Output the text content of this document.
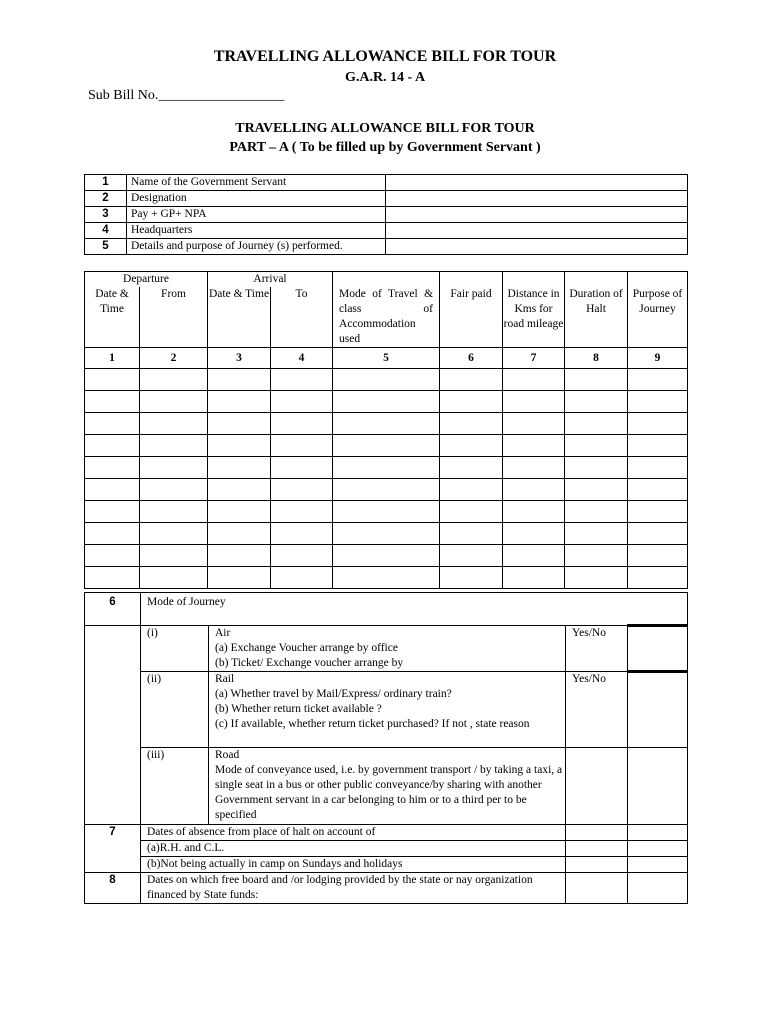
TRAVELLING ALLOWANCE BILL FOR TOUR
G.A.R. 14 - A
Sub Bill No.__________________
TRAVELLING ALLOWANCE BILL FOR TOUR
PART – A ( To be filled up by Government Servant )
1	Name of the Government Servant	
2	Designation	
3	Pay + GP+ NPA	
4	Headquarters	
5	Details and purpose of Journey (s) performed.	
Departure		Arrival						
Date & Time	From	Date & Time	To	Mode of Travel & class of Accommodation used	Fair paid	Distance in Kms for road mileage	Duration of Halt	Purpose of Journey
1	2	3	4	5	6	7	8	9

6	Mode of Journey			
	(i)	Air
(a) Exchange Voucher arrange by office
(b) Ticket/ Exchange voucher arrange by	Yes/No	
	(ii)	Rail
(a) Whether travel by Mail/Express/ ordinary train?
(b) Whether return ticket available ?
(c) If available, whether return ticket purchased? If not , state reason	Yes/No	
	(iii)	Road
Mode of conveyance used, i.e. by government transport / by taking a taxi, a single seat in a bus or other public conveyance/by sharing with another Government servant in a car belonging to him or to a third per to be specified		

7	Dates of absence from place of halt on account of			
	(a)R.H. and C.L.			
	(b)Not being actually in camp on Sundays and holidays			
8	Dates on which free board and /or lodging provided by the state or nay organization financed by State funds:			
